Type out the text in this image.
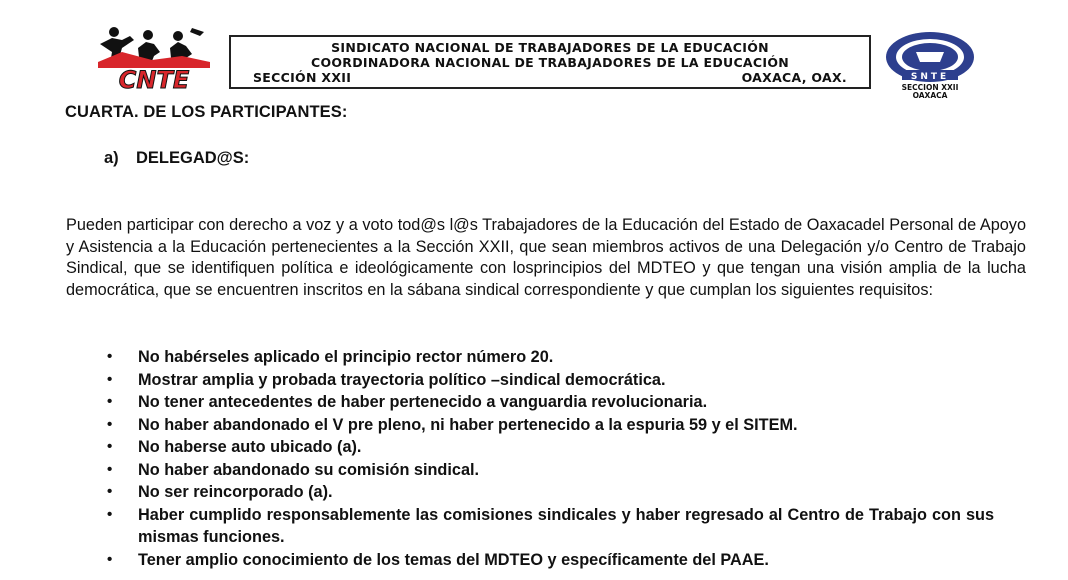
CNTE
SINDICATO NACIONAL DE TRABAJADORES DE LA EDUCACIÓN
COORDINADORA NACIONAL DE TRABAJADORES DE LA EDUCACIÓN
SECCIÓN XXII	OAXACA, OAX.	SNTE
SECCION XXII
OAXACA
CUARTA. DE LOS PARTICIPANTES:
a) DELEGAD@S:
Pueden participar con derecho a voz y a voto tod@s l@s Trabajadores de la Educación del Estado de Oaxacadel Personal de Apoyo y Asistencia a la Educación pertenecientes a la Sección XXII, que sean miembros activos de una Delegación y/o Centro de Trabajo Sindical, que se identifiquen política e ideológicamente con losprincipios del MDTEO y que tengan una visión amplia de la lucha democrática, que se encuentren inscritos en la sábana sindical correspondiente y que cumplan los siguientes requisitos:
• No habérseles aplicado el principio rector número 20.
• Mostrar amplia y probada trayectoria político –sindical democrática.
• No tener antecedentes de haber pertenecido a vanguardia revolucionaria.
• No haber abandonado el V pre pleno, ni haber pertenecido a la espuria 59 y el SITEM.
• No haberse auto ubicado (a).
• No haber abandonado su comisión sindical.
• No ser reincorporado (a).
• Haber cumplido responsablemente las comisiones sindicales y haber regresado al Centro de Trabajo con sus mismas funciones.
• Tener amplio conocimiento de los temas del MDTEO y específicamente del PAAE.
